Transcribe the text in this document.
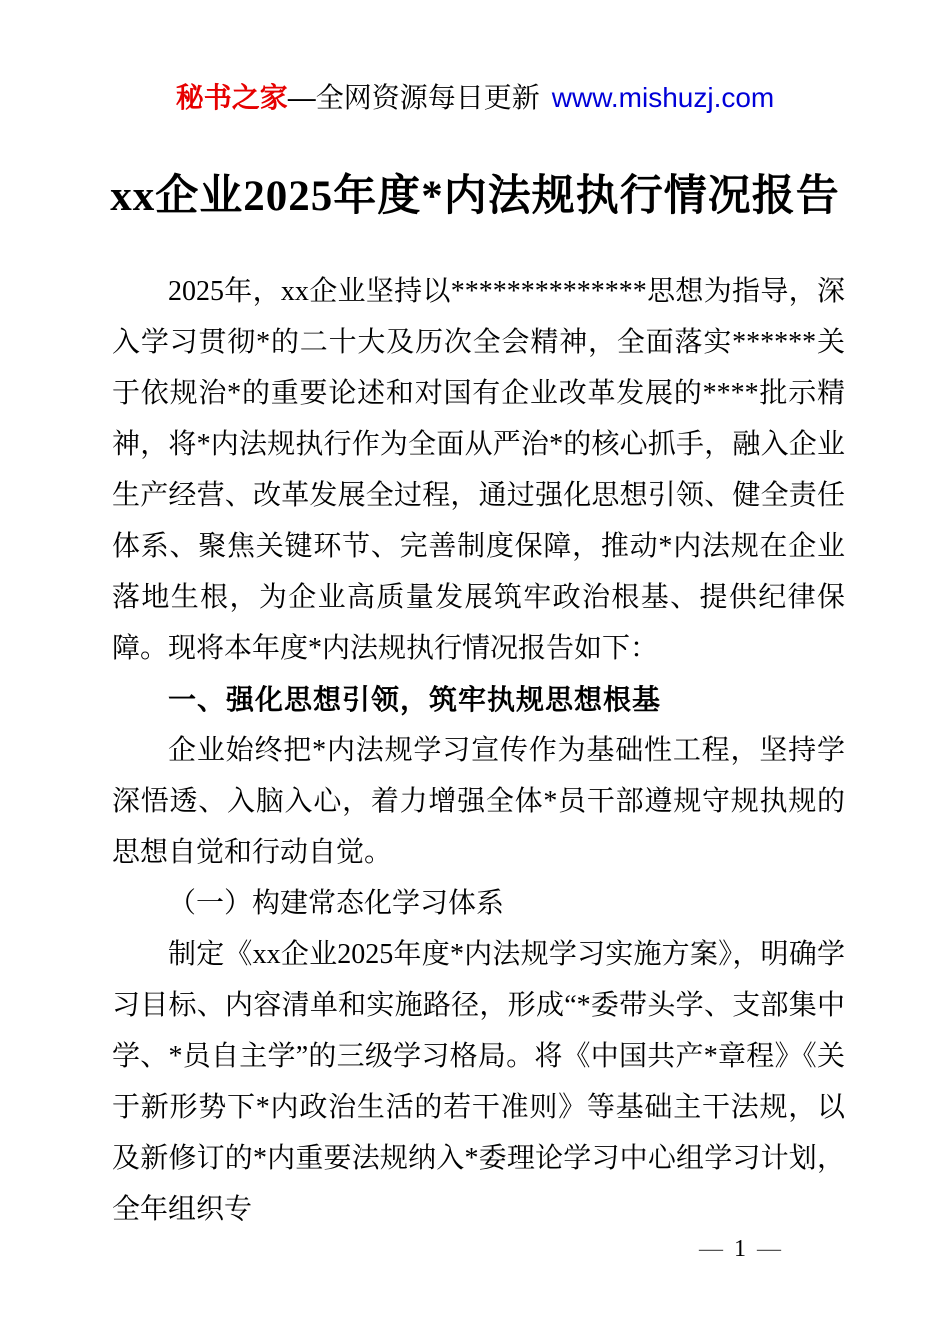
秘书之家—全网资源每日更新 www.mishuzj.com
xx企业2025年度*内法规执行情况报告

2025年，xx企业坚持以**************思想为指导，深入学习贯彻*的二十大及历次全会精神，全面落实******关于依规治*的重要论述和对国有企业改革发展的****批示精神，将*内法规执行作为全面从严治*的核心抓手，融入企业生产经营、改革发展全过程，通过强化思想引领、健全责任体系、聚焦关键环节、完善制度保障，推动*内法规在企业落地生根，为企业高质量发展筑牢政治根基、提供纪律保障。现将本年度*内法规执行情况报告如下：

一、强化思想引领，筑牢执规思想根基

企业始终把*内法规学习宣传作为基础性工程，坚持学深悟透、入脑入心，着力增强全体*员干部遵规守规执规的思想自觉和行动自觉。

（一）构建常态化学习体系

制定《xx企业2025年度*内法规学习实施方案》，明确学习目标、内容清单和实施路径，形成“*委带头学、支部集中学、*员自主学”的三级学习格局。将《中国共产*章程》《关于新形势下*内政治生活的若干准则》等基础主干法规，以及新修订的*内重要法规纳入*委理论学习中心组学习计划，全年组织专

— 1 —
